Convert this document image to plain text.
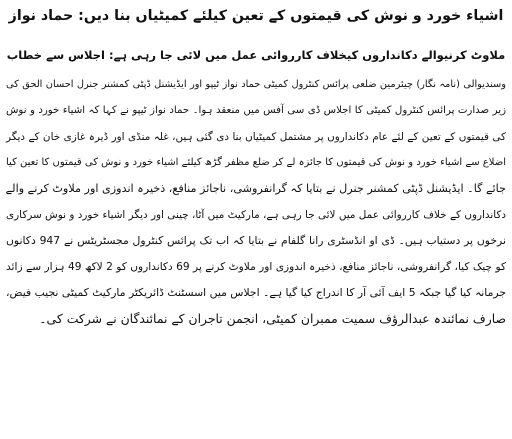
اشیاء خورد و نوش کی قیمتوں کے تعین کیلئے کمیٹیاں بنا دیں: حماد نواز
ملاوٹ کرنیوالے دکانداروں کیخلاف کارروائی عمل میں لائی جا رہی ہے: اجلاس سے خطاب
وسندیوالی (نامہ نگار) چیئرمین ضلعی پرائس کنٹرول کمیٹی حماد نواز ٹیپو اور ایڈیشنل ڈپٹی کمشنر جنرل احسان الحق کی
زیر صدارت پرائس کنٹرول کمیٹی کا اجلاس ڈی سی آفس میں منعقد ہوا۔ حماد نواز ٹیپو نے کہا کہ اشیاء خورد و نوش
کی قیمتوں کے تعین کے لئے عام دکانداروں پر مشتمل کمیٹیاں بنا دی گئی ہیں، غلہ منڈی اور ڈیرہ غازی خان کے دیگر
اضلاع سے اشیاء خورد و نوش کی قیمتوں کا جائزہ لے کر ضلع مظفر گڑھ کیلئے اشیاء خورد و نوش کی قیمتوں کا تعین کیا
جائے گا۔ ایڈیشنل ڈپٹی کمشنر جنرل نے بتایا کہ گرانفروشی، ناجائز منافع، ذخیرہ اندوزی اور ملاوٹ کرنے والے
دکانداروں کے خلاف کارروائی عمل میں لائی جا رہی ہے، مارکیٹ میں آٹا، چینی اور دیگر اشیاء خورد و نوش سرکاری
نرخوں پر دستیاب ہیں۔ ڈی او انڈسٹری رانا گلفام نے بتایا کہ اب تک پرائس کنٹرول مجسٹریٹس نے 947 دکانوں
کو چیک کیا، گرانفروشی، ناجائز منافع، ذخیرہ اندوزی اور ملاوٹ کرنے پر 69 دکانداروں کو 2 لاکھ 49 ہزار سے زائد
جرمانہ کیا گیا جبکہ 5 ایف آئی آر کا اندراج کیا گیا ہے۔ اجلاس میں اسسٹنٹ ڈائریکٹر مارکیٹ کمیٹی نجیب فیض،
صارف نمائندہ عبدالرؤف سمیت ممبران کمیٹی، انجمن تاجران کے نمائندگان نے شرکت کی۔
